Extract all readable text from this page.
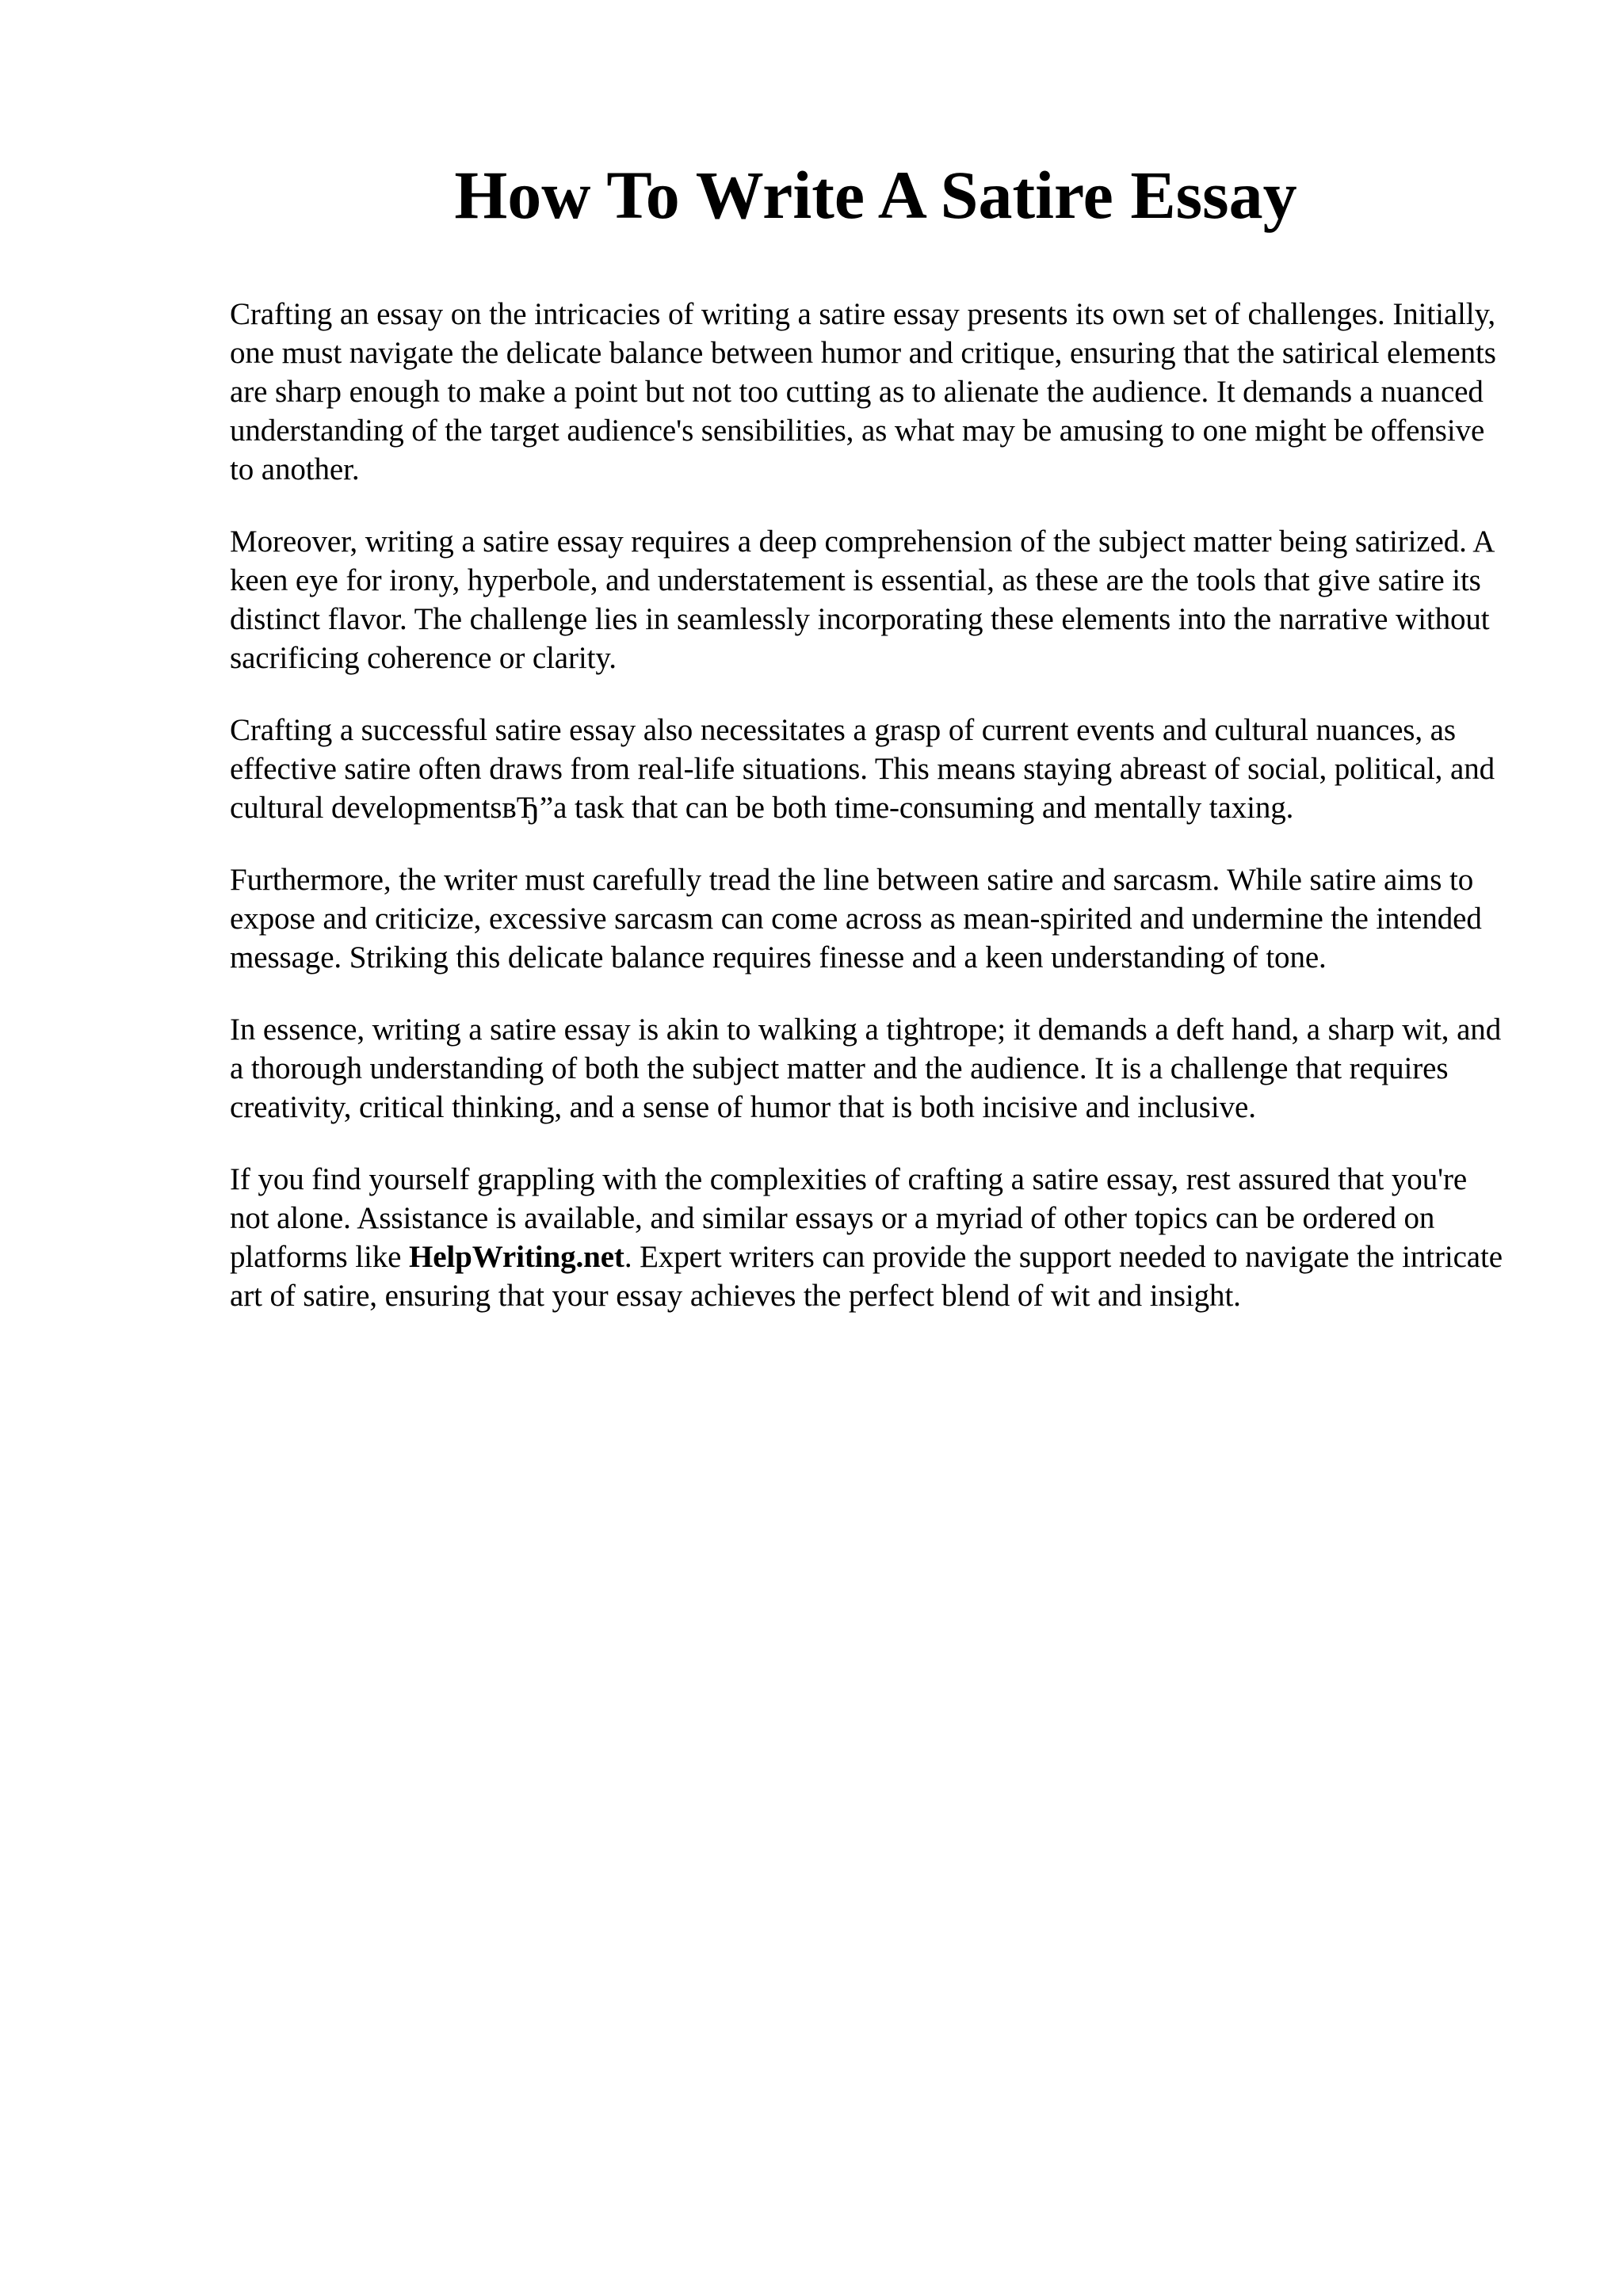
How To Write A Satire Essay

Crafting an essay on the intricacies of writing a satire essay presents its own set of challenges. Initially, one must navigate the delicate balance between humor and critique, ensuring that the satirical elements are sharp enough to make a point but not too cutting as to alienate the audience. It demands a nuanced understanding of the target audience's sensibilities, as what may be amusing to one might be offensive to another.

Moreover, writing a satire essay requires a deep comprehension of the subject matter being satirized. A keen eye for irony, hyperbole, and understatement is essential, as these are the tools that give satire its distinct flavor. The challenge lies in seamlessly incorporating these elements into the narrative without sacrificing coherence or clarity.

Crafting a successful satire essay also necessitates a grasp of current events and cultural nuances, as effective satire often draws from real-life situations. This means staying abreast of social, political, and cultural developmentsвЂ”a task that can be both time-consuming and mentally taxing.

Furthermore, the writer must carefully tread the line between satire and sarcasm. While satire aims to expose and criticize, excessive sarcasm can come across as mean-spirited and undermine the intended message. Striking this delicate balance requires finesse and a keen understanding of tone.

In essence, writing a satire essay is akin to walking a tightrope; it demands a deft hand, a sharp wit, and a thorough understanding of both the subject matter and the audience. It is a challenge that requires creativity, critical thinking, and a sense of humor that is both incisive and inclusive.

If you find yourself grappling with the complexities of crafting a satire essay, rest assured that you're not alone. Assistance is available, and similar essays or a myriad of other topics can be ordered on platforms like HelpWriting.net. Expert writers can provide the support needed to navigate the intricate art of satire, ensuring that your essay achieves the perfect blend of wit and insight.
